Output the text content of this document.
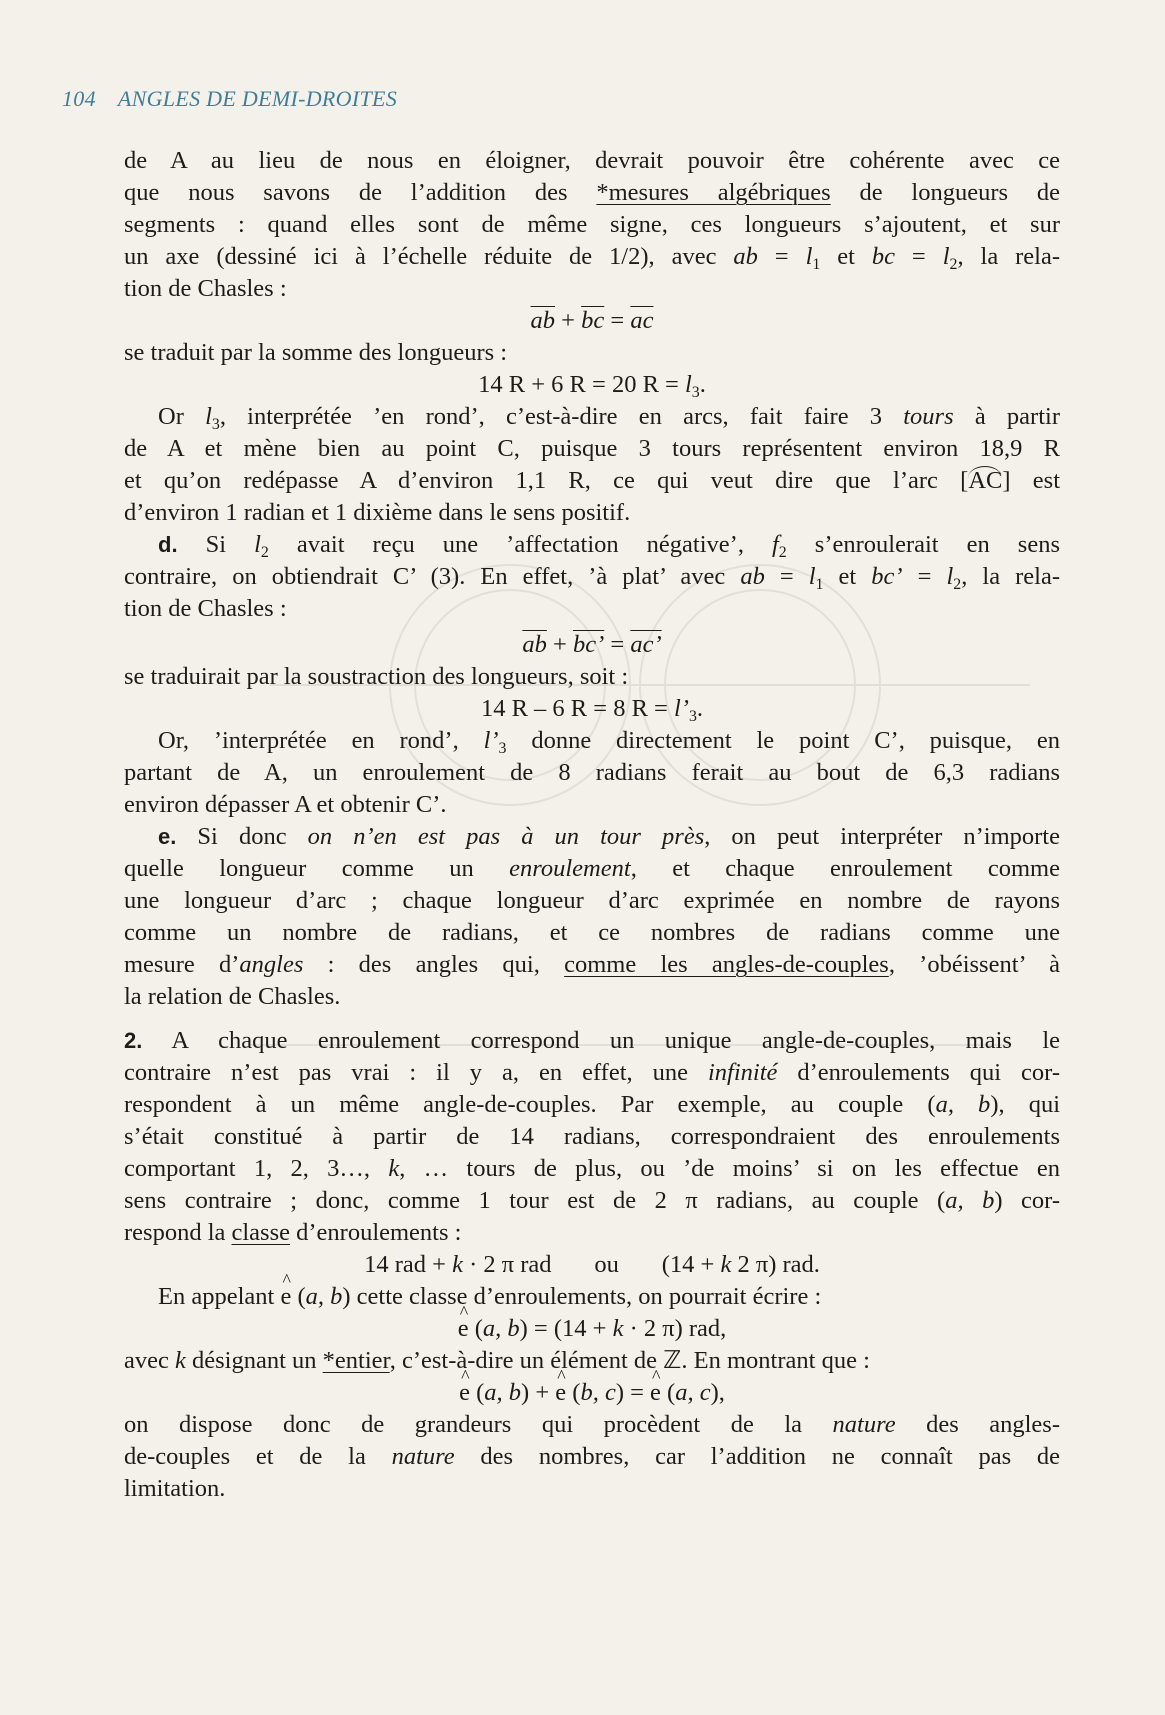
104 ANGLES DE DEMI-DROITES
de A au lieu de nous en éloigner, devrait pouvoir être cohérente avec ce
que nous savons de l’addition des *mesures algébriques de longueurs de
segments : quand elles sont de même signe, ces longueurs s’ajoutent, et sur
un axe (dessiné ici à l’échelle réduite de 1/2), avec ab = $l_1$ et bc = $l_2$, la rela-
tion de Chasles :
$\overline{ab} + \overline{bc} = \overline{ac}$
se traduit par la somme des longueurs :
14 R + 6 R = 20 $R = l_3$.
Or $l_3$, interprétée ’en rond’, c’est-à-dire en arcs, fait faire 3 tours à partir
de A et mène bien au point C, puisque 3 tours représentent environ 18,9 R
et qu’on redépasse A d’environ 1,1 R, ce qui veut dire que l’arc [AC] est
d’environ 1 radian et 1 dixième dans le sens positif.
d. Si $l_2$ avait reçu une ’affectation négative’, $f_2$ s’enroulerait en sens
contraire, on obtiendrait C’ (3). En effet, ’à plat’ avec ab = $l_1$ et bc’ = $l_2$, la rela-
tion de Chasles :
$\overline{ab}$ + bc’ = ac’
se traduirait par la soustraction des longueurs, soit :
14 R – 6 R = 8 $R = l’_3$.
Or, ’interprétée en rond’, $l’_3$ donne directement le point C’, puisque, en
partant de A, un enroulement de 8 radians ferait au bout de 6,3 radians
environ dépasser A et obtenir C’.
e. Si donc on n’en est pas à un tour près, on peut interpréter n’importe
quelle longueur comme un enroulement, et chaque enroulement comme
une longueur d’arc ; chaque longueur d’arc exprimée en nombre de rayons
comme un nombre de radians, et ce nombres de radians comme une
mesure d’angles : des angles qui, comme les angles-de-couples, ’obéissent’ à
la relation de Chasles.
2. A chaque enroulement correspond un unique angle-de-couples, mais le
contraire n’est pas vrai : il y a, en effet, une infinité d’enroulements qui cor-
respondent à un même angle-de-couples. Par exemple, au couple (a, b), qui
s’était constitué à partir de 14 radians, correspondraient des enroulements
comportant 1, 2, 3…, k, … tours de plus, ou ’de moins’ si on les effectue en
sens contraire ; donc, comme 1 tour est de 2 π radians, au couple (a, b) cor-
respond la classe d’enroulements :
14 rad + k · 2 π rad       ou       (14 + k 2 π) rad.
En appelant ^ e (a, b) cette classe d’enroulements, on pourrait écrire :
^ e (a, b) = (14 + k · 2 π) rad,
avec k désignant un *entier, c’est-à-dire un élément de ℤ. En montrant que :
^ e (a, b) + ^ e (b, c) = ^ e (a, c),
on dispose donc de grandeurs qui procèdent de la nature des angles-
de-couples et de la nature des nombres, car l’addition ne connaît pas de
limitation.
